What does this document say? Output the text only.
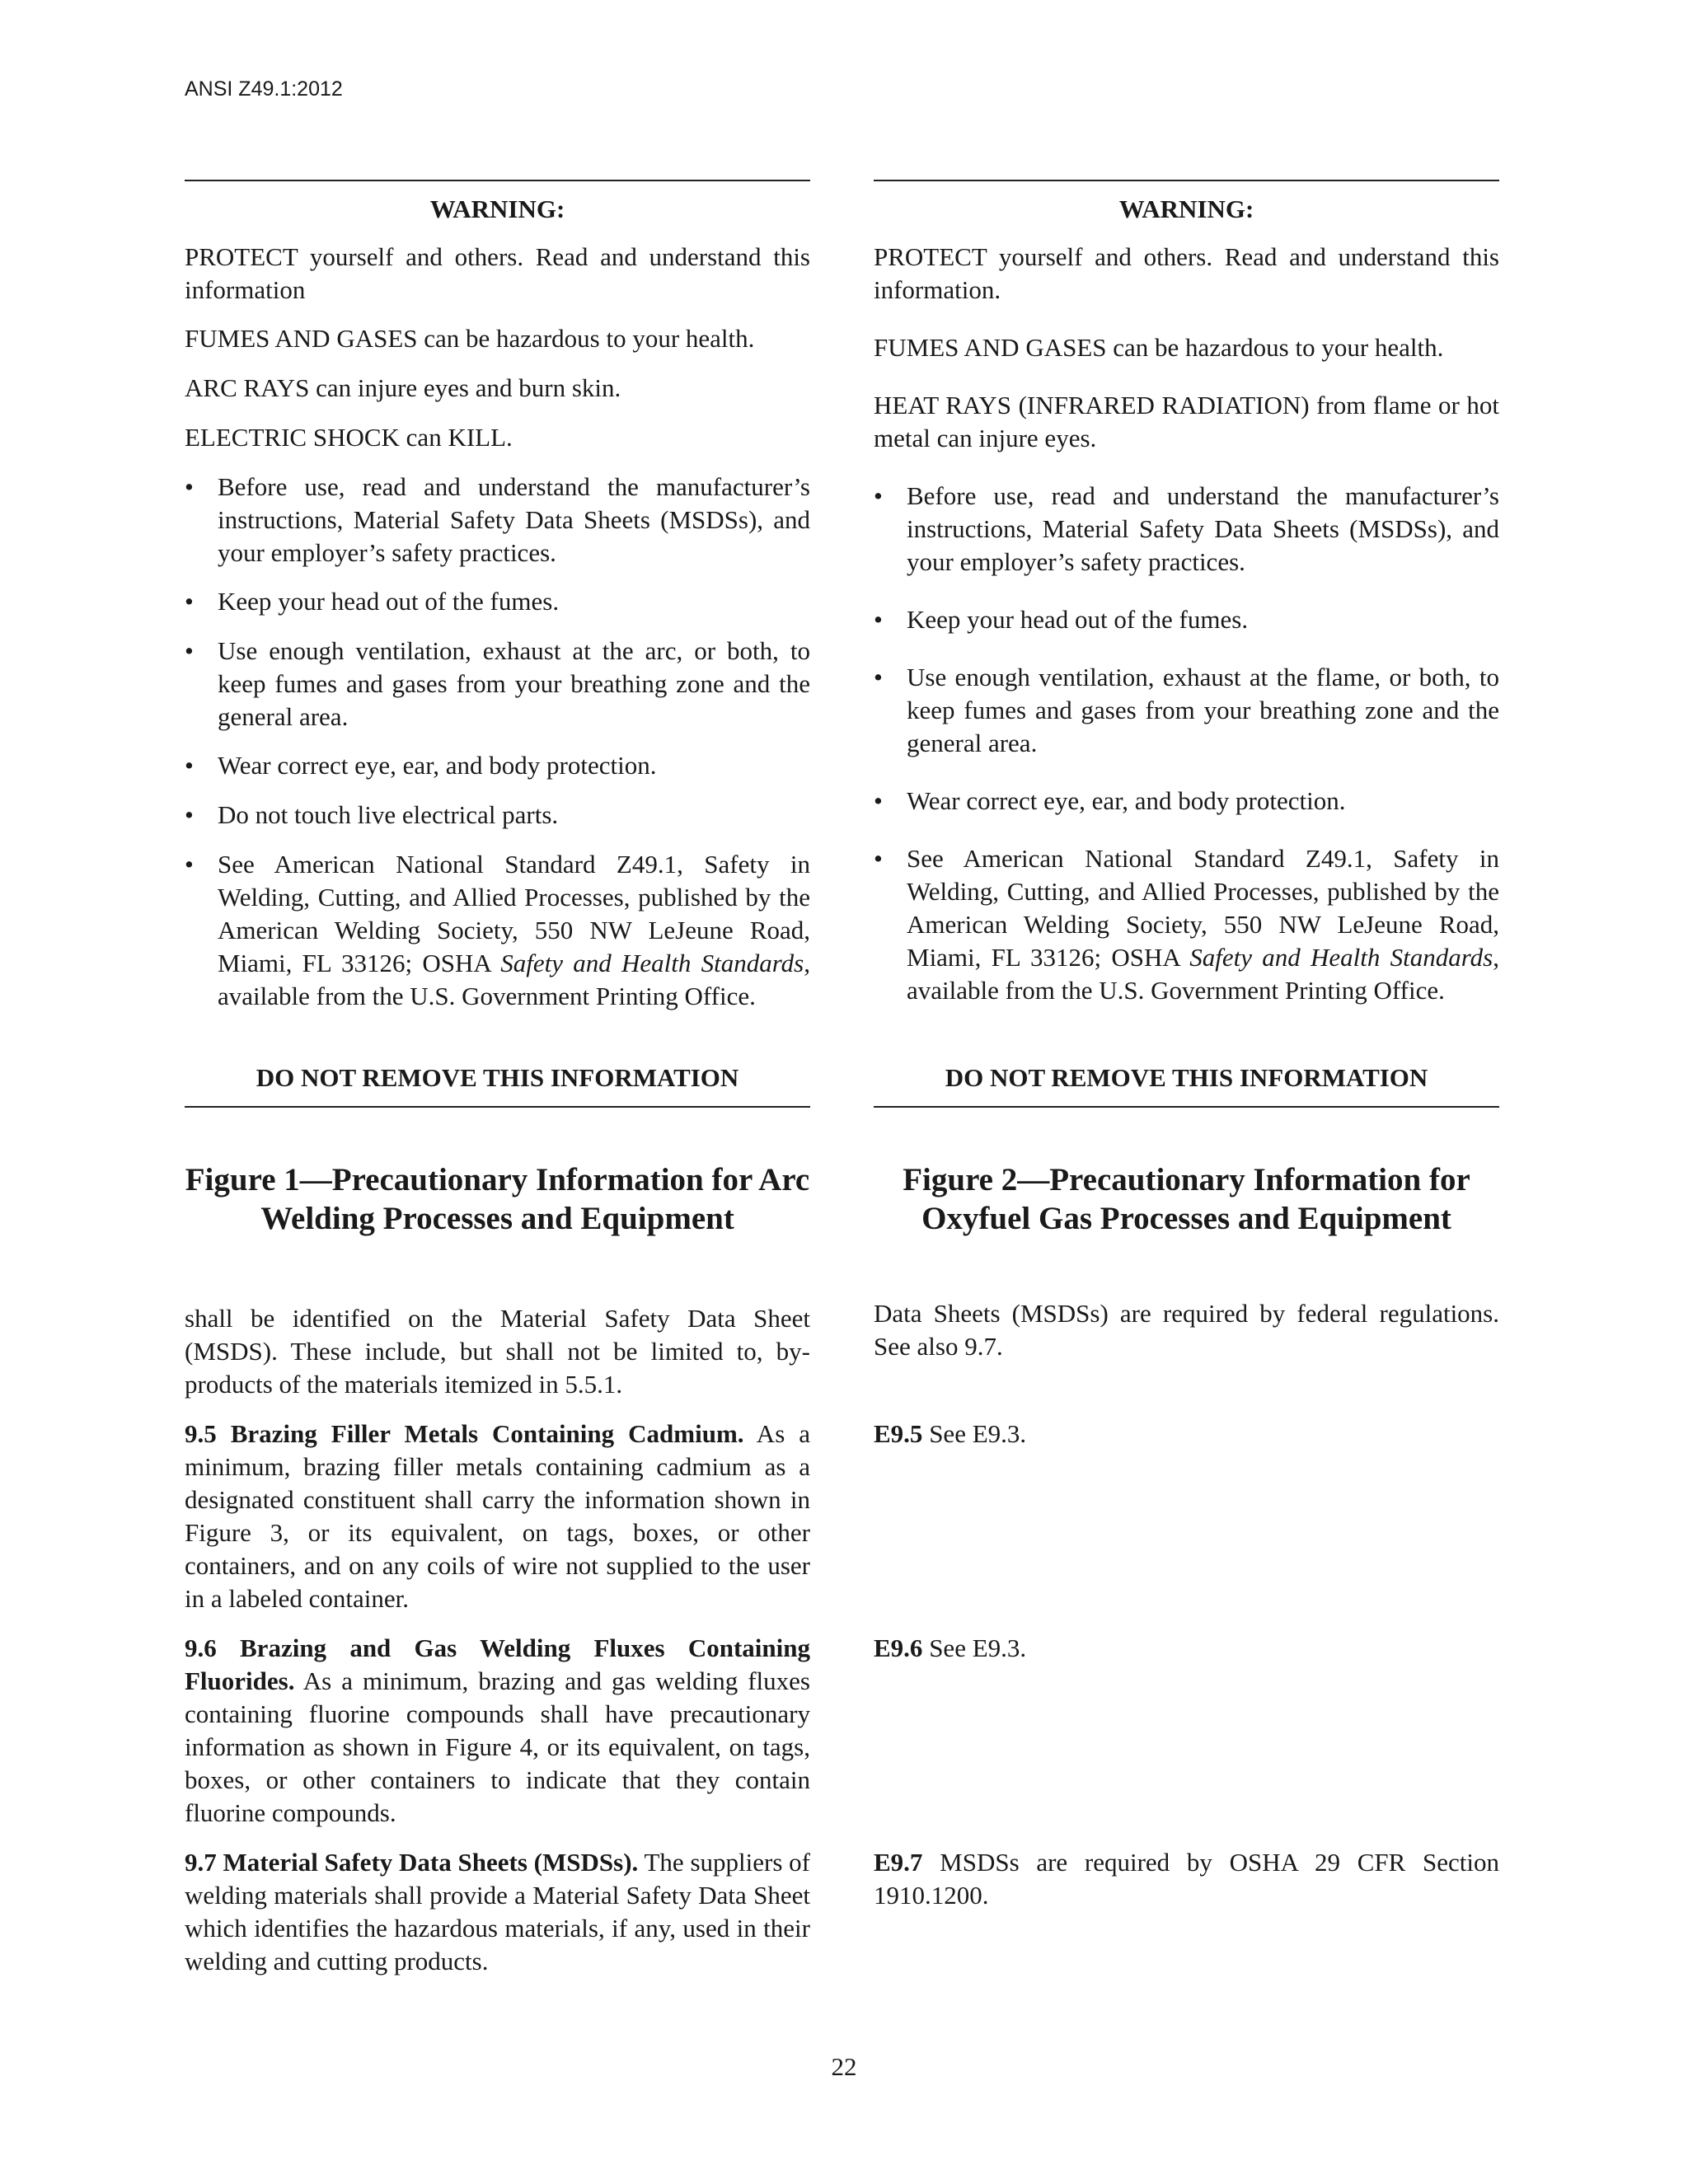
ANSI Z49.1:2012
WARNING:
PROTECT yourself and others. Read and understand this information
FUMES AND GASES can be hazardous to your health.
ARC RAYS can injure eyes and burn skin.
ELECTRIC SHOCK can KILL.
• Before use, read and understand the manufacturer’s instructions, Material Safety Data Sheets (MSDSs), and your employer’s safety practices.
• Keep your head out of the fumes.
• Use enough ventilation, exhaust at the arc, or both, to keep fumes and gases from your breathing zone and the general area.
• Wear correct eye, ear, and body protection.
• Do not touch live electrical parts.
• See American National Standard Z49.1, Safety in Welding, Cutting, and Allied Processes, published by the American Welding Society, 550 NW LeJeune Road, Miami, FL 33126; OSHA Safety and Health Standards, available from the U.S. Government Printing Office.
DO NOT REMOVE THIS INFORMATION
WARNING:
PROTECT yourself and others. Read and understand this information.
FUMES AND GASES can be hazardous to your health.
HEAT RAYS (INFRARED RADIATION) from flame or hot metal can injure eyes.
• Before use, read and understand the manufacturer’s instructions, Material Safety Data Sheets (MSDSs), and your employer’s safety practices.
• Keep your head out of the fumes.
• Use enough ventilation, exhaust at the flame, or both, to keep fumes and gases from your breathing zone and the general area.
• Wear correct eye, ear, and body protection.
• See American National Standard Z49.1, Safety in Welding, Cutting, and Allied Processes, published by the American Welding Society, 550 NW LeJeune Road, Miami, FL 33126; OSHA Safety and Health Standards, available from the U.S. Government Printing Office.
DO NOT REMOVE THIS INFORMATION
Figure 1—Precautionary Information for Arc Welding Processes and Equipment
Figure 2—Precautionary Information for Oxyfuel Gas Processes and Equipment
shall be identified on the Material Safety Data Sheet (MSDS). These include, but shall not be limited to, by-products of the materials itemized in 5.5.1.
9.5 Brazing Filler Metals Containing Cadmium. As a minimum, brazing filler metals containing cadmium as a designated constituent shall carry the information shown in Figure 3, or its equivalent, on tags, boxes, or other containers, and on any coils of wire not supplied to the user in a labeled container.
9.6 Brazing and Gas Welding Fluxes Containing Fluorides. As a minimum, brazing and gas welding fluxes containing fluorine compounds shall have precautionary information as shown in Figure 4, or its equivalent, on tags, boxes, or other containers to indicate that they contain fluorine compounds.
9.7 Material Safety Data Sheets (MSDSs). The suppliers of welding materials shall provide a Material Safety Data Sheet which identifies the hazardous materials, if any, used in their welding and cutting products.
Data Sheets (MSDSs) are required by federal regulations. See also 9.7.
E9.5 See E9.3.
E9.6 See E9.3.
E9.7 MSDSs are required by OSHA 29 CFR Section 1910.1200.
22
